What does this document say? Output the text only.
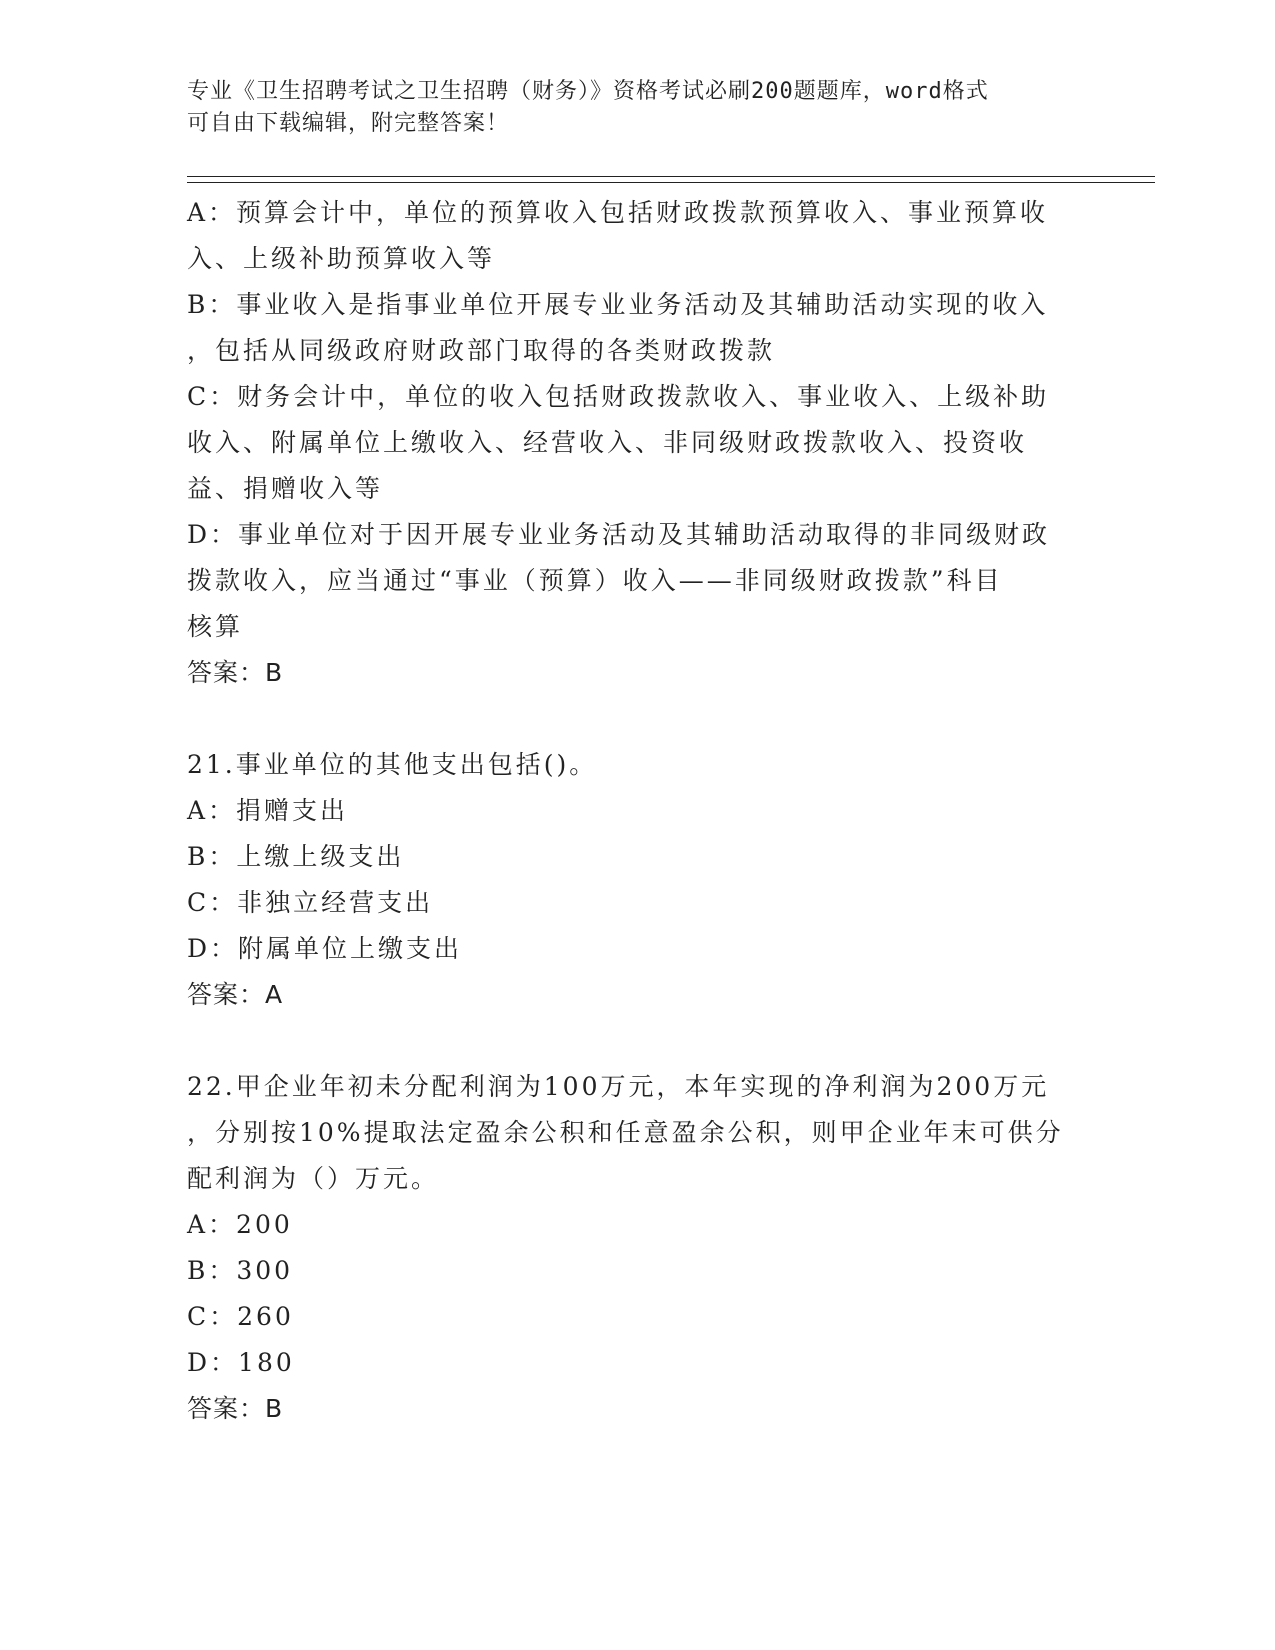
专业《卫生招聘考试之卫生招聘（财务）》资格考试必刷200题题库，word格式
可自由下载编辑，附完整答案！
A：预算会计中，单位的预算收入包括财政拨款预算收入、事业预算收
入、上级补助预算收入等
B：事业收入是指事业单位开展专业业务活动及其辅助活动实现的收入
，包括从同级政府财政部门取得的各类财政拨款
C：财务会计中，单位的收入包括财政拨款收入、事业收入、上级补助
收入、附属单位上缴收入、经营收入、非同级财政拨款收入、投资收
益、捐赠收入等
D：事业单位对于因开展专业业务活动及其辅助活动取得的非同级财政
拨款收入，应当通过“事业（预算）收入——非同级财政拨款”科目
核算
答案：B
21.事业单位的其他支出包括()。
A：捐赠支出
B：上缴上级支出
C：非独立经营支出
D：附属单位上缴支出
答案：A
22.甲企业年初未分配利润为100万元，本年实现的净利润为200万元
，分别按10%提取法定盈余公积和任意盈余公积，则甲企业年末可供分
配利润为（）万元。
A：200
B：300
C：260
D：180
答案：B
